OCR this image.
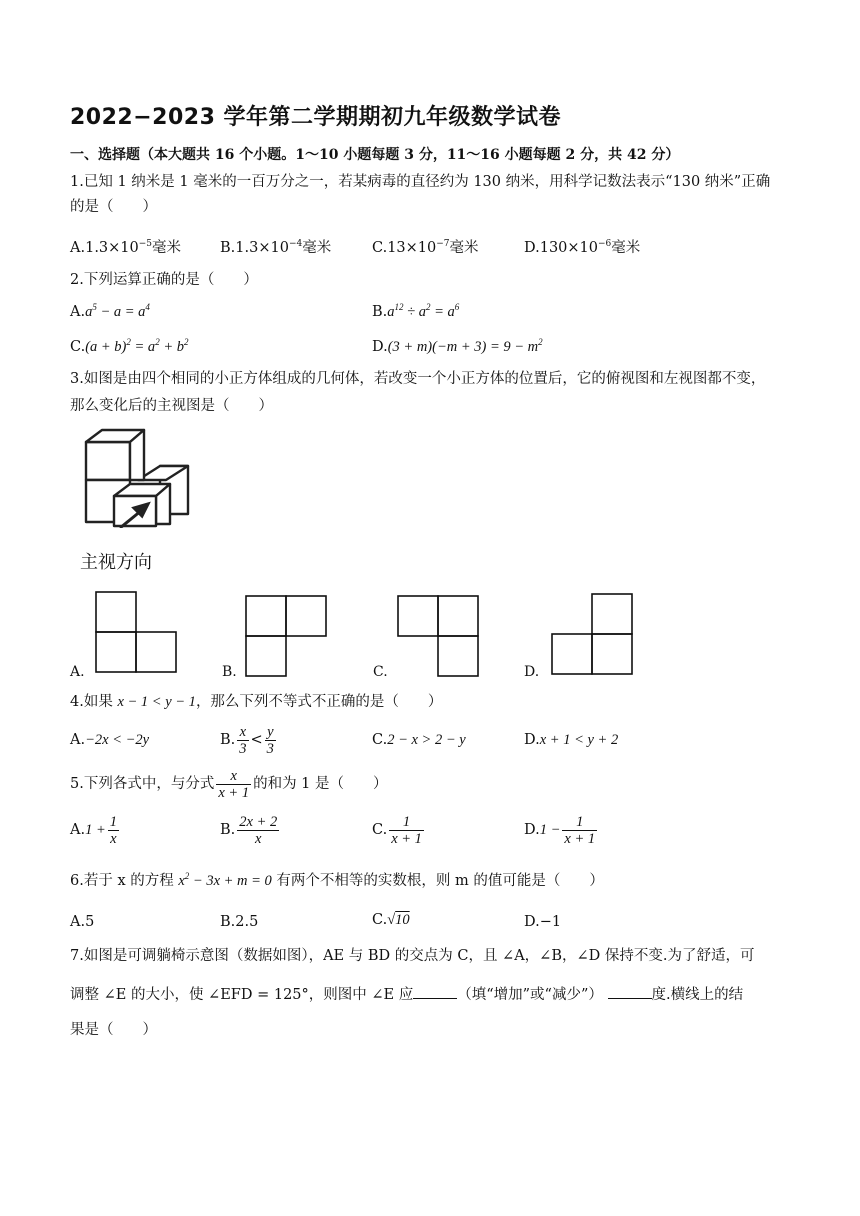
2022−2023 学年第二学期期初九年级数学试卷
一、选择题（本大题共 16 个小题。1～10 小题每题 3 分，11～16 小题每题 2 分，共 42 分）
1.已知 1 纳米是 1 毫米的一百万分之一，若某病毒的直径约为 130 纳米，用科学记数法表示“130 纳米”正确
的是（　　）
$A.1.3\times 10^{-5}$毫米	$B.1.3\times 10^{-4}$毫米	$C.13\times 10^{-7}$毫米	$D.130\times 10^{-6}$毫米
2.下列运算正确的是（　　）
$A.a^5 - a = a^4$	$B.a^{12} \div a^2 = a^6$
$C.(a + b)^2 = a^2 + b^2$	$D.(3 + m)(-m + 3) = 9 - m^2$
3.如图是由四个相同的小正方体组成的几何体，若改变一个小正方体的位置后，它的俯视图和左视图都不变，
那么变化后的主视图是（　　）
主视方向
A.	B.	C.	D.
4.如果 x − 1 < y − 1，那么下列不等式不正确的是（　　）
A.−2x < −2y	B. $\frac{x}{3} < \frac{y}{3}$	C.2 − x > 2 − y	D.x + 1 < y + 2
5.下列各式中，与分式 $\frac{x}{x + 1}$ 的和为 1 是（　　）
$A.1 + \frac{1}{x}$	B. $\frac{2x + 2}{x}$	C. $\frac{1}{x + 1}$	$D.1 - \frac{1}{x + 1}$
6.若于 x 的方程 $x^2 - 3x + m = 0$ 有两个不相等的实数根，则 m 的值可能是（　　）
A.5	B.2.5	C.√10	D.−1
7.如图是可调躺椅示意图（数据如图），AE 与 BD 的交点为 C，且 ∠A，∠B，∠D 保持不变.为了舒适，可
调整 ∠E 的大小，使 ∠EFD = 125°，则图中 ∠E 应	（填“增加”或“减少”）	度.横线上的结
果是（　　）
